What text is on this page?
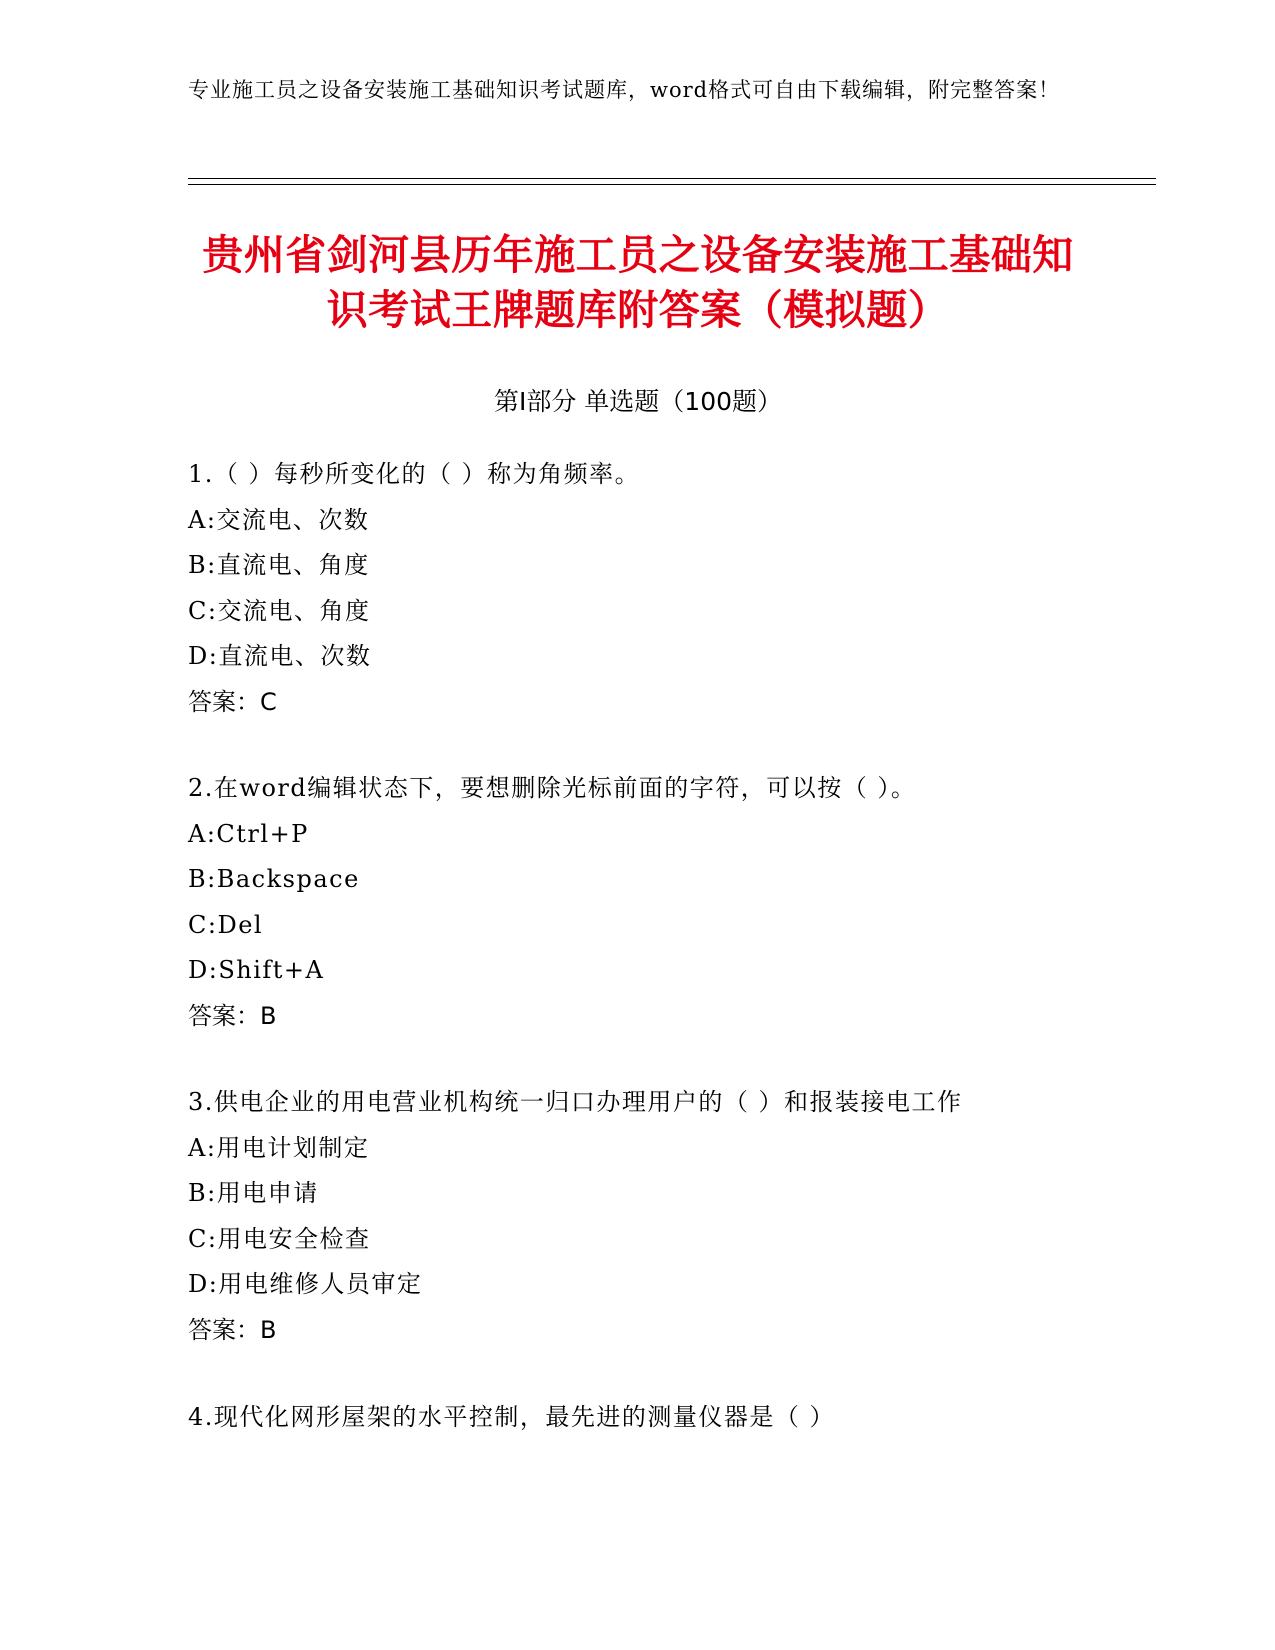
专业施工员之设备安装施工基础知识考试题库，word格式可自由下载编辑，附完整答案！
贵州省剑河县历年施工员之设备安装施工基础知识考试王牌题库附答案（模拟题）
第Ⅰ部分 单选题（100题）
1.（ ）每秒所变化的（ ）称为角频率。
A:交流电、次数
B:直流电、角度
C:交流电、角度
D:直流电、次数
答案：C
2.在word编辑状态下，要想删除光标前面的字符，可以按（ ）。
A:Ctrl+P
B:Backspace
C:Del
D:Shift+A
答案：B
3.供电企业的用电营业机构统一归口办理用户的（ ）和报装接电工作
A:用电计划制定
B:用电申请
C:用电安全检查
D:用电维修人员审定
答案：B
4.现代化网形屋架的水平控制，最先进的测量仪器是（ ）
